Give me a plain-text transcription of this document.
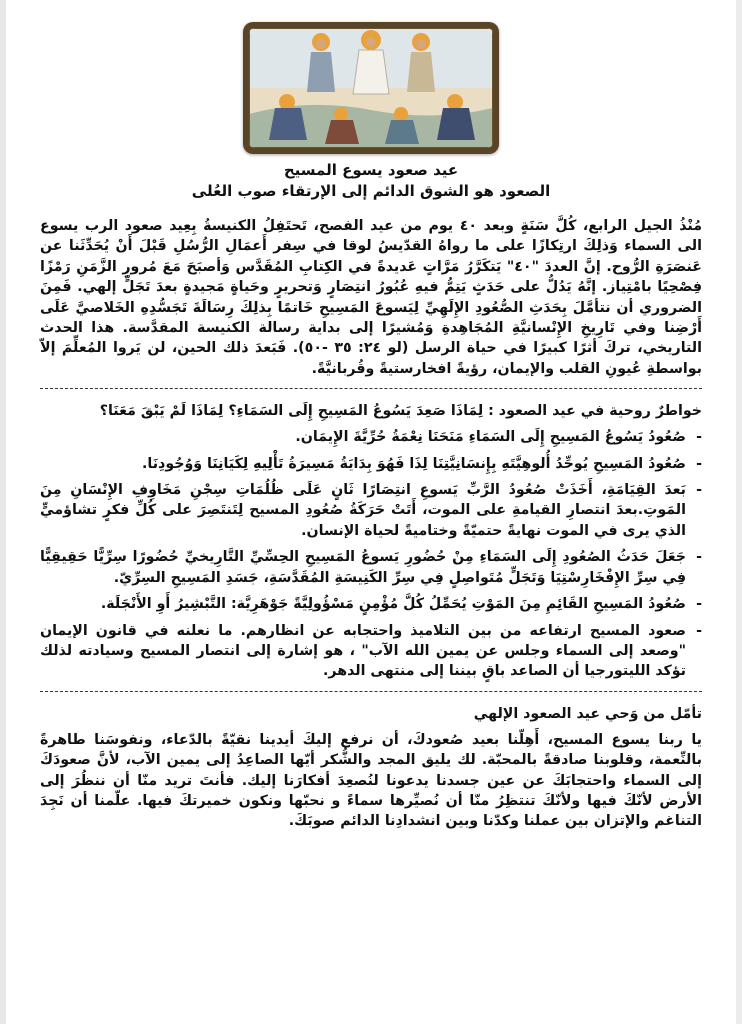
عيد صعود يسوع المسيح
الصعود هو الشوق الدائم إلى الإرتقاء صوب العُلى

مُنْذُ الجيل الرابع، كُلَّ سَنَةٍ وبعد ٤٠ يوم من عيد الفصح، تَحتَفِلُ الكنيسةُ بِعِيد صعود الرب يسوع الى السماء وَذلِكَ ارتِكازًا على ما رواهُ القدّيسُ لوقا في سِفر أَعمَالِ الرُّسُلِ قَبْلَ أَنْ يُحَدِّثَنا عن عَنصَرَةِ الرُّوح. إنَّ العددَ "٤٠" يَتكَرَّرُ مَرَّاتٍ عَديدةً في الكِتابِ المُقَدَّس وَأصبَحَ مَعَ مُرورِ الزَّمَنِ رَمْزًا فِصْحِيًا بامْتِياز. إنَّهُ يَدُلُّ على حَدَثٍ يَتِمُّ فيهِ عُبُورُ انتِصَارٍ وَتحريرٍ وحَياةٍ مَجيدةٍ بعدَ تَجَلٍّ إلهي. فَمِنَ الضروري أن نتأمَّلَ بِحَدَثِ الصُّعُودِ الإِلَهِيِّ لِيَسوعَ المَسِيحِ خَاتمًا بِذلِكَ رِسَالَةَ تَجَسُّدِهِ الخَلاصيَّ عَلَى أَرْضِنا وفي تَارِيخِ الإِنْسانيَّةِ المُجَاهِدةِ وَمُشيرًا إلى بداية رسالة الكنيسة المقدَّسة. هذا الحدث التاريخي، تركَ أثرًا كبيرًا في حياة الرسل (لو ٢٤: ٣٥ -٥٠). فَبَعدَ ذلك الحين، لن يَروا المُعلِّمَ إلاّ بواسطةِ عُيونِ القلب والإيمان، رؤيةً افخارستيةً وقُربانيَّةً.

خواطرٌ روحية في عيد الصعود : لِمَاذَا صَعِدَ يَسُوعُ المَسِيحِ إِلَى السَمَاءِ؟ لِمَاذَا لَمْ يَبْقَ مَعَنَا؟
-
صُعُودُ يَسُوعُ المَسِيحِ إِلَى السَمَاءِ مَنَحَنَا نِعْمَةُ حُرِّيَّةَ الإِيمَان.
-
صُعُودُ المَسِيحِ يُوحِّدُ أُلوهِيَّتَهِ بِإِنسَانِيَّتِنَا لِذَا فَهُوَ بِدَايَةُ مَسِيرَةُ تَأْلِيهِ لِكَيَانِنَا وَوُجُودِنَا.
-
بَعدَ القِيَامَةِ، أَخَذَتْ صُعُودُ الرَّبِّ يَسوعِ انتِصَارًا ثَانٍ عَلَى ظُلُمَاتِ سِجْنِ مَخَاوِفِ الإِنْسَانِ مِنَ المَوتِ.بعدَ انتصارِ القيامةِ على الموت، أَتَتْ حَرَكَةُ صُعُودِ المسيح لِتَنتَصِرَ على كُلِّ فكرٍ تشاؤميٍّ الذي يرى في الموت نهايةً حتميّةً وختاميةً لحياة الإنسان.
-
جَعَلَ حَدَثُ الصُعُودِ إِلَى السَمَاءِ مِنْ حُضُورِ يَسوعُ المَسِيحِ الحِسِّيِّ التَّارِيخيِّ حُضُورًا سِرِّيًّا حَقِيقِيًّا فِي سِرِّ الإِفْخَارِسْتِيَا وَتَجَلٍّ مُتَواصِلٍ فِي سِرِّ الكَنِيسَةِ المُقَدَّسَةِ، جَسَدِ المَسِيحِ السِرِّيّ.
-
صُعُودُ المَسِيحِ القَائِمِ مِنَ المَوْتِ يُحَمِّلُ كُلَّ مُؤْمِنٍ مَسْؤُولِيَّةً جَوْهَرِيَّة: التَّبْشِيرُ أَوِ الأَنْجَلَة.
-
صعود المسيح ارتفاعه من بين التلاميذ واحتجابه عن انظارهم. ما نعلنه في قانون الإيمان "وصعد إلى السماء وجلس عن يمين الله الآب" ، هو إشارة إلى انتصار المسيح وسيادته لذلك تؤكد الليتورجيا أن الصاعد باقٍ بيننا إلى منتهى الدهر.
تأمّل من وَحي عيد الصعود الإلهي

يا ربنا يسوع المسيح، أَهِلّنا بعيد صُعودكَ، أن نرفع إليكَ أيدينا نقيّةً بالدّعاء، ونفوسَنا طاهرةً بالنِّعمة، وقلوبنا صادقةً بالمحبّة. لك يليق المجد والشُّكر أيّها الصاعِدُ إلى يمين الآب، لأنَّ صعودَكَ إلى السماء واحتجابَكَ عن عين جسدنا يدعونا لنُصعِدَ أفكارَنا إليك. فأنتَ تريد منّا أن ننظُرَ إلى الأرض لأنّكَ فيها ولأنّكَ تنتظِرُ منّا أن نُصيِّرها سماءً و نحبّها ونكون خميرتكَ فيها. علّمنا أن نَجِدَ التناغم والإتزان بين عملنا وكدّنا وبين انشدادِنا الدائم صوبَكَ.
